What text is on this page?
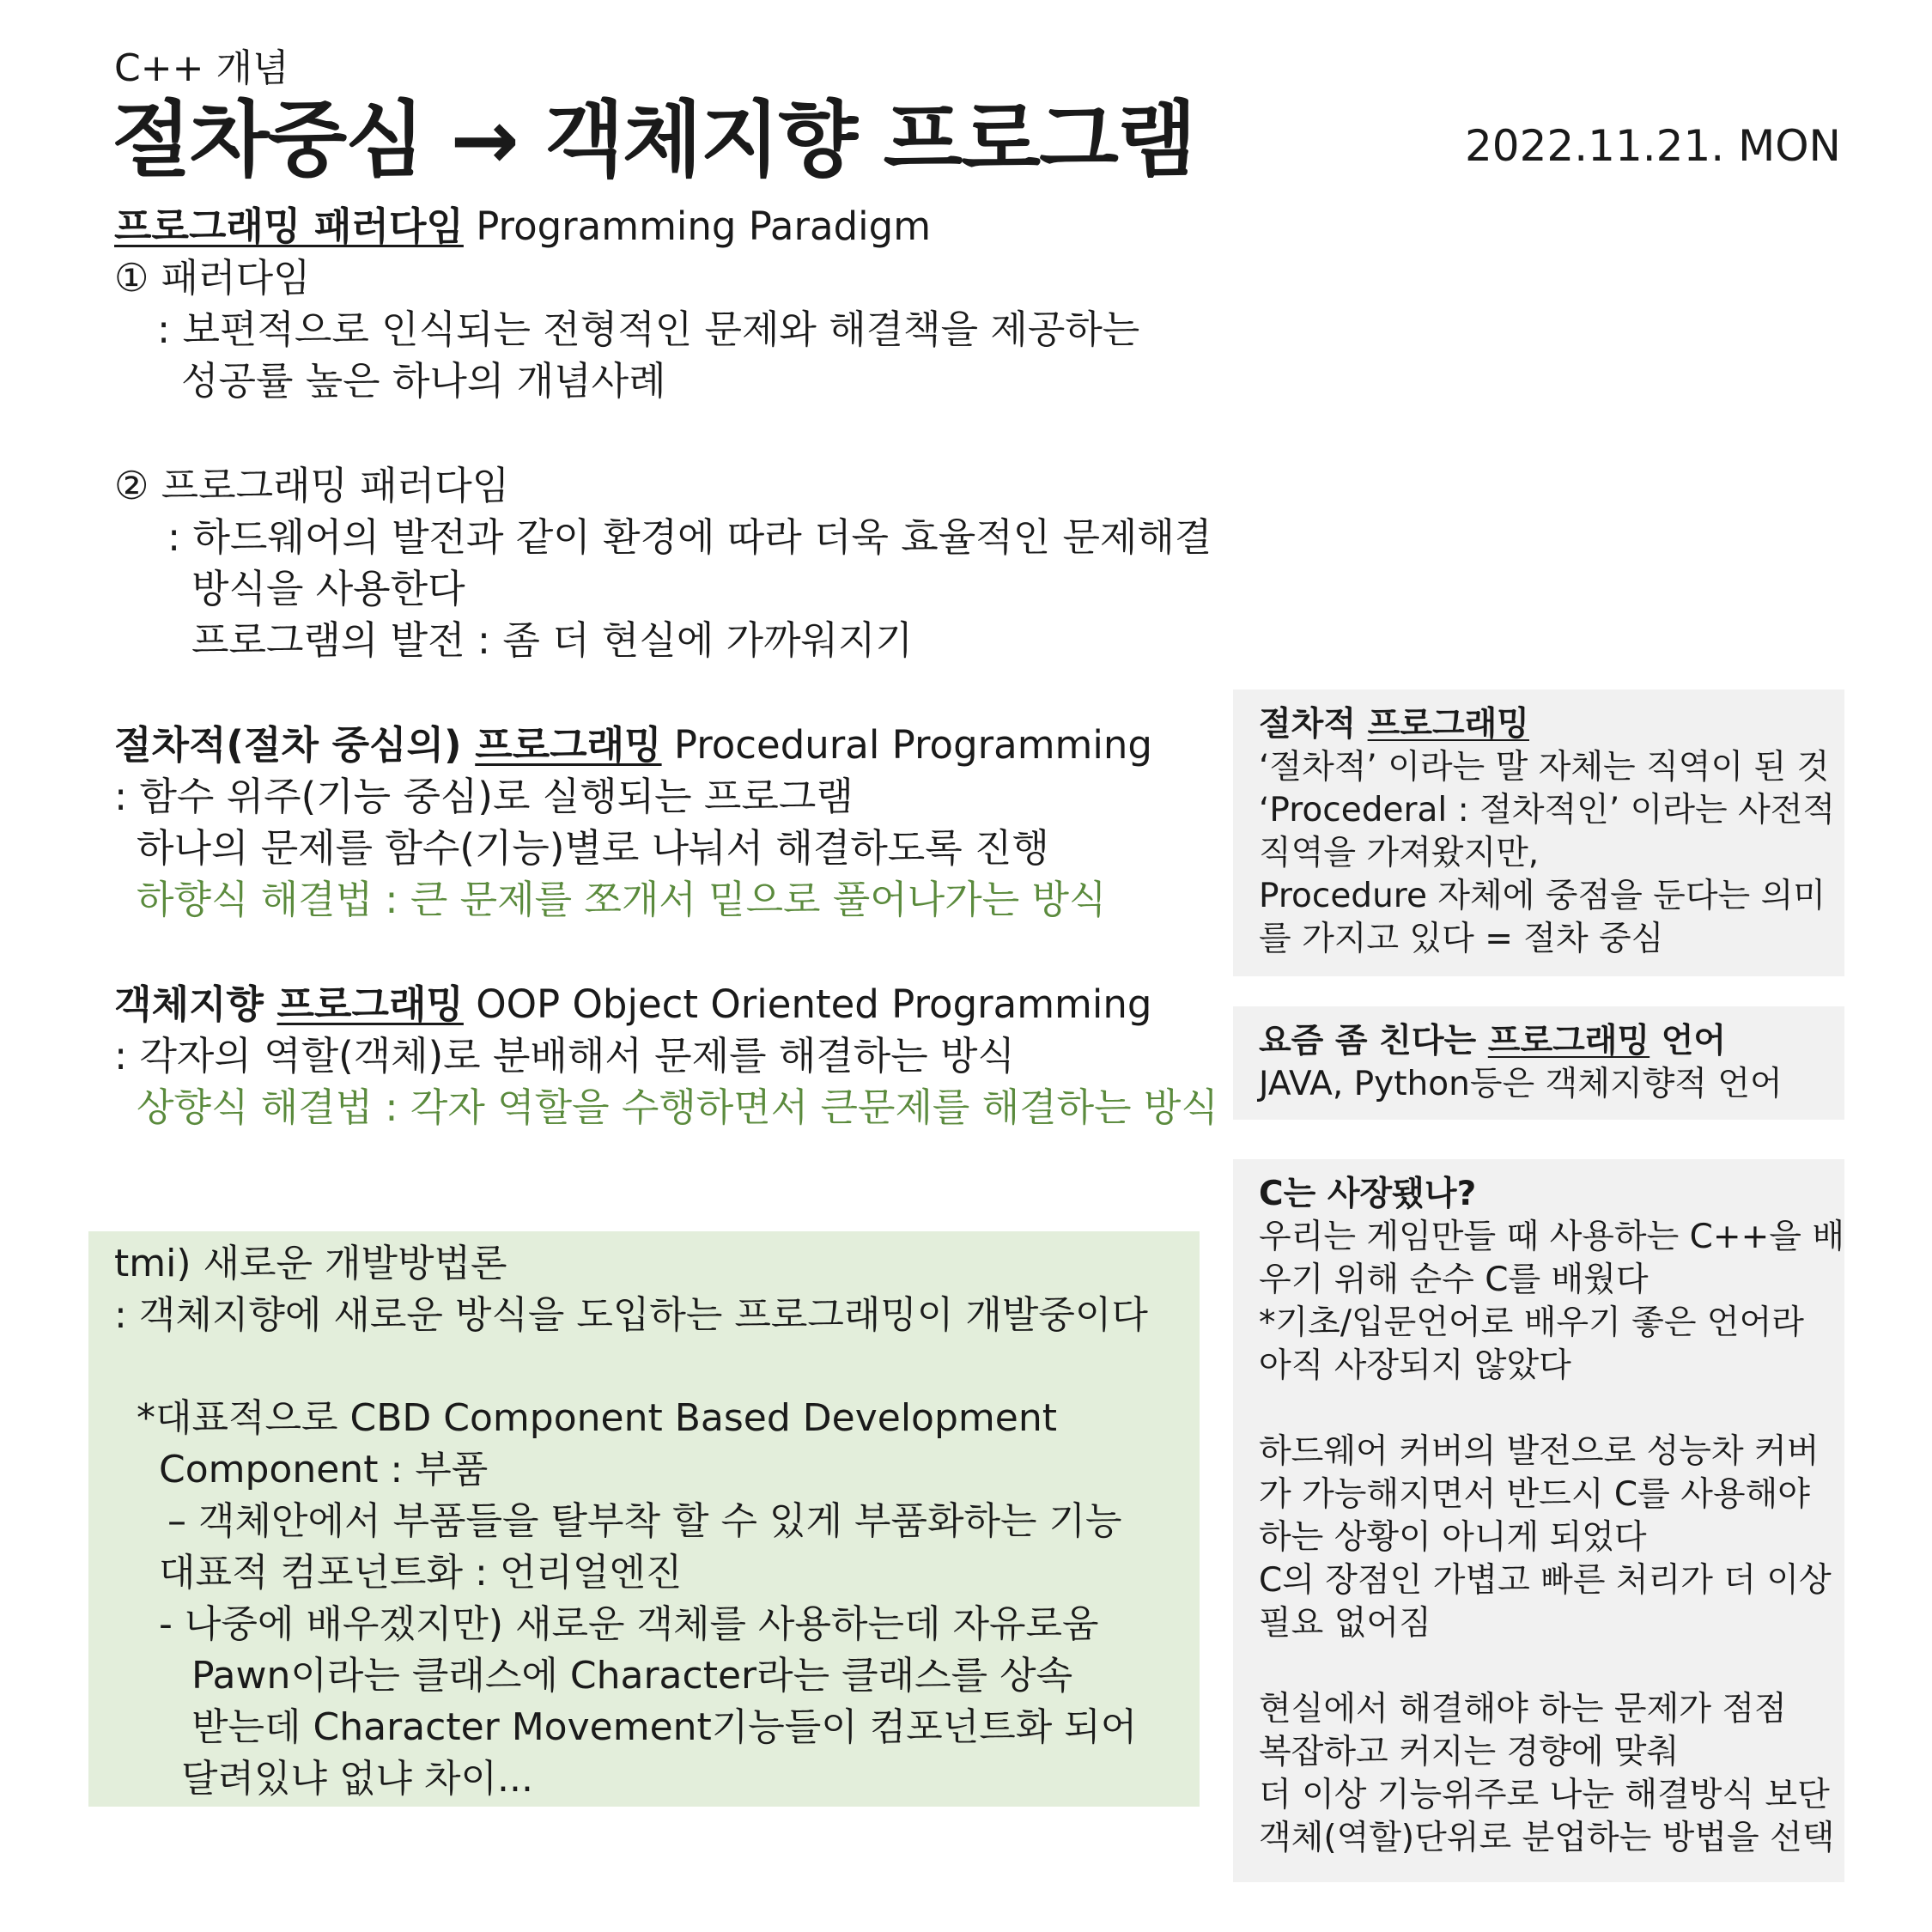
C++ 개념
절차중심 → 객체지향 프로그램	2022.11.21. MON
프로그래밍 패러다임 Programming Paradigm
① 패러다임
: 보편적으로 인식되는 전형적인 문제와 해결책을 제공하는
성공률 높은 하나의 개념사례
② 프로그래밍 패러다임
: 하드웨어의 발전과 같이 환경에 따라 더욱 효율적인 문제해결
방식을 사용한다
프로그램의 발전 : 좀 더 현실에 가까워지기
절차적(절차 중심의) 프로그래밍 Procedural Programming
: 함수 위주(기능 중심)로 실행되는 프로그램
하나의 문제를 함수(기능)별로 나눠서 해결하도록 진행
하향식 해결법 : 큰 문제를 쪼개서 밑으로 풀어나가는 방식
객체지향 프로그래밍 OOP Object Oriented Programming
: 각자의 역할(객체)로 분배해서 문제를 해결하는 방식
상향식 해결법 : 각자 역할을 수행하면서 큰문제를 해결하는 방식
tmi) 새로운 개발방법론
: 객체지향에 새로운 방식을 도입하는 프로그래밍이 개발중이다
*대표적으로 CBD Component Based Development
Component : 부품
– 객체안에서 부품들을 탈부착 할 수 있게 부품화하는 기능
대표적 컴포넌트화 : 언리얼엔진
- 나중에 배우겠지만) 새로운 객체를 사용하는데 자유로움
Pawn이라는 클래스에 Character라는 클래스를 상속
받는데 Character Movement기능들이 컴포넌트화 되어
달려있냐 없냐 차이...
절차적 프로그래밍
‘절차적’ 이라는 말 자체는 직역이 된 것
‘Procederal : 절차적인’ 이라는 사전적
직역을 가져왔지만,
Procedure 자체에 중점을 둔다는 의미
를 가지고 있다 = 절차 중심
요즘 좀 친다는 프로그래밍 언어
JAVA, Python등은 객체지향적 언어
C는 사장됐나?
우리는 게임만들 때 사용하는 C++을 배
우기 위해 순수 C를 배웠다
*기초/입문언어로 배우기 좋은 언어라
아직 사장되지 않았다
하드웨어 커버의 발전으로 성능차 커버
가 가능해지면서 반드시 C를 사용해야
하는 상황이 아니게 되었다
C의 장점인 가볍고 빠른 처리가 더 이상
필요 없어짐
현실에서 해결해야 하는 문제가 점점
복잡하고 커지는 경향에 맞춰
더 이상 기능위주로 나눈 해결방식 보단
객체(역할)단위로 분업하는 방법을 선택
